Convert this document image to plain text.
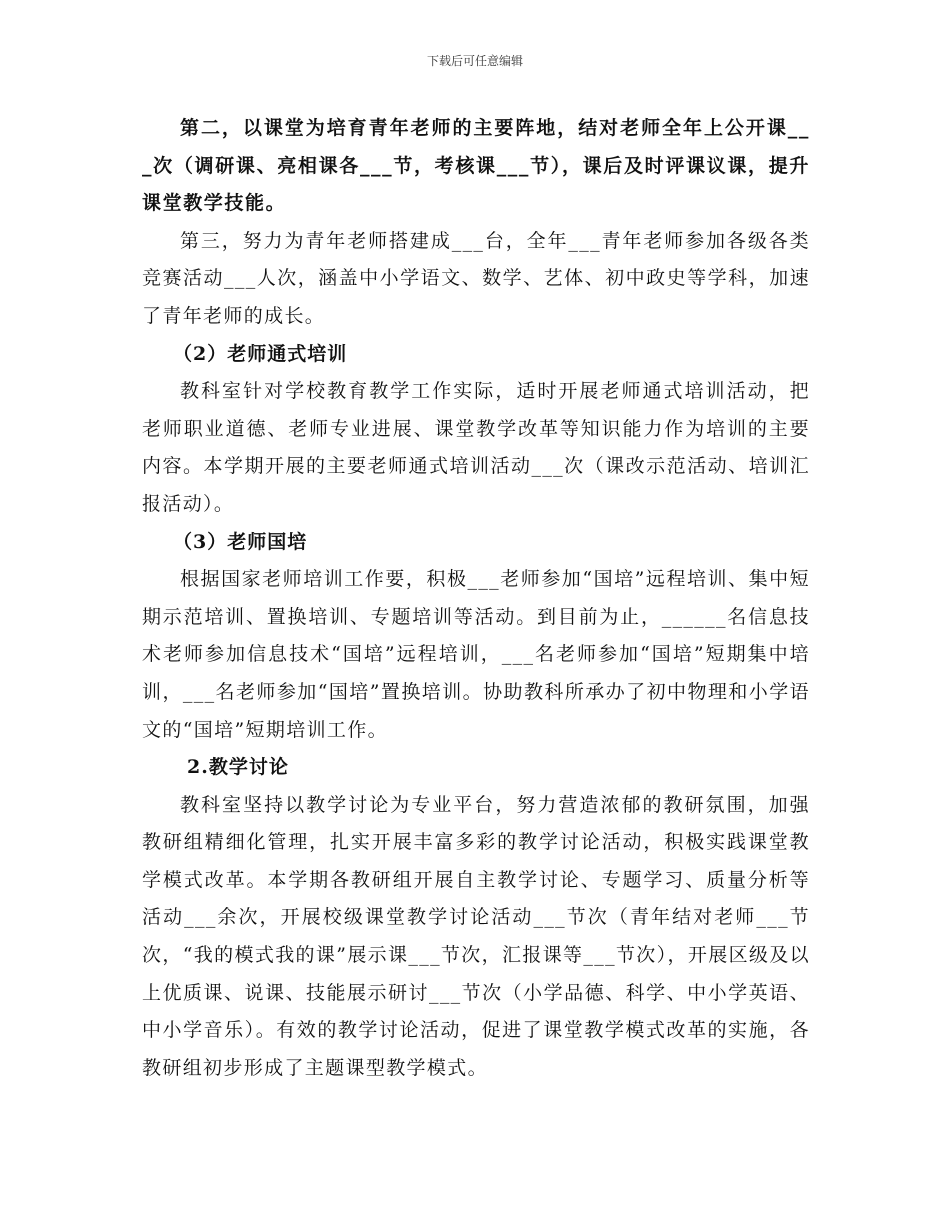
下载后可任意编辑

第二，以课堂为培育青年老师的主要阵地，结对老师全年上公开课___次（调研课、亮相课各___节，考核课___节），课后及时评课议课，提升课堂教学技能。

第三，努力为青年老师搭建成___台，全年___青年老师参加各级各类竞赛活动___人次，涵盖中小学语文、数学、艺体、初中政史等学科，加速了青年老师的成长。

（2）老师通式培训

教科室针对学校教育教学工作实际，适时开展老师通式培训活动，把老师职业道德、老师专业进展、课堂教学改革等知识能力作为培训的主要内容。本学期开展的主要老师通式培训活动___次（课改示范活动、培训汇报活动）。

（3）老师国培

根据国家老师培训工作要，积极___老师参加“国培”远程培训、集中短期示范培训、置换培训、专题培训等活动。到目前为止，______名信息技术老师参加信息技术“国培”远程培训，___名老师参加“国培”短期集中培训，___名老师参加“国培”置换培训。协助教科所承办了初中物理和小学语文的“国培”短期培训工作。

2.教学讨论

教科室坚持以教学讨论为专业平台，努力营造浓郁的教研氛围，加强教研组精细化管理，扎实开展丰富多彩的教学讨论活动，积极实践课堂教学模式改革。本学期各教研组开展自主教学讨论、专题学习、质量分析等活动___余次，开展校级课堂教学讨论活动___节次（青年结对老师___节次，“我的模式我的课”展示课___节次，汇报课等___节次），开展区级及以上优质课、说课、技能展示研讨___节次（小学品德、科学、中小学英语、中小学音乐）。有效的教学讨论活动，促进了课堂教学模式改革的实施，各教研组初步形成了主题课型教学模式。
